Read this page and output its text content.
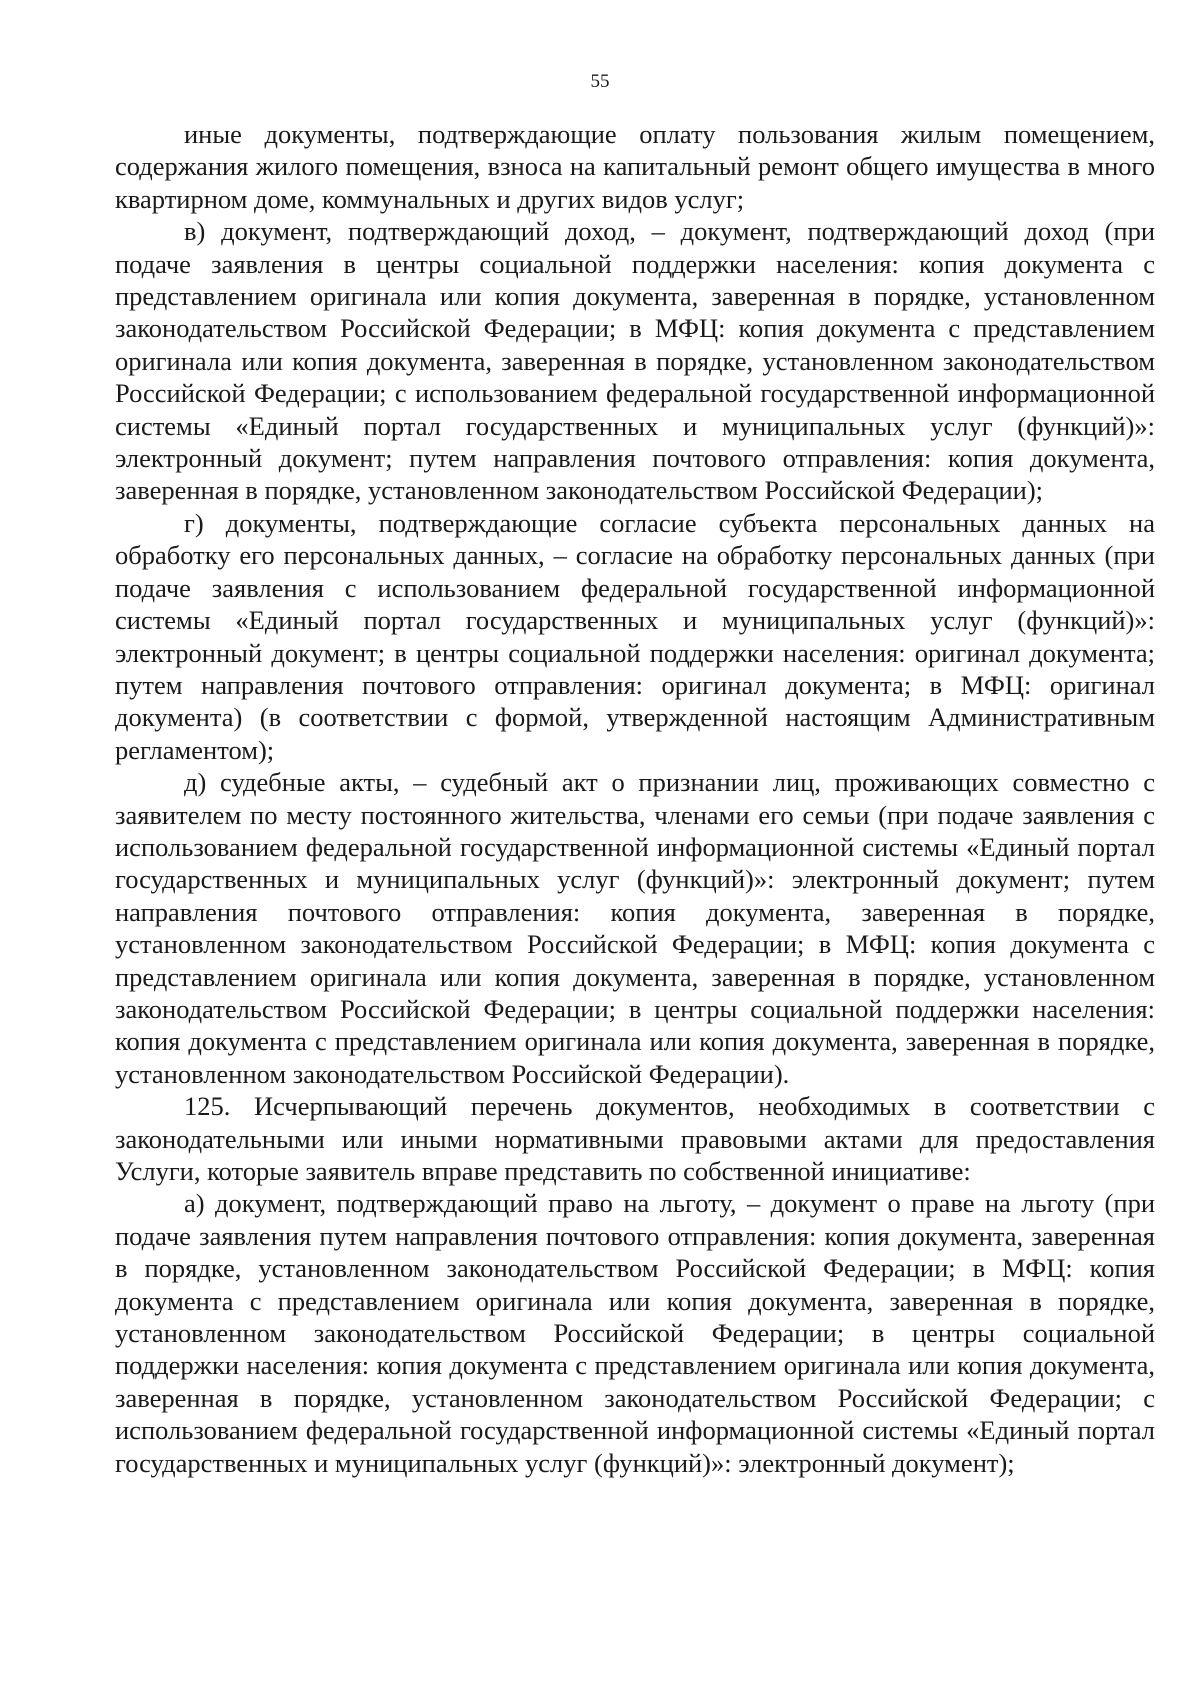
55

иные документы, подтверждающие оплату пользования жилым помещением, содержания жилого помещения, взноса на капитальный ремонт общего имущества в много квартирном доме, коммунальных и других видов услуг;

в) документ, подтверждающий доход, – документ, подтверждающий доход (при подаче заявления в центры социальной поддержки населения: копия документа с представлением оригинала или копия документа, заверенная в порядке, установленном законодательством Российской Федерации; в МФЦ: копия документа с представлением оригинала или копия документа, заверенная в порядке, установленном законодательством Российской Федерации; с использованием федеральной государственной информационной системы «Единый портал государственных и муниципальных услуг (функций)»: электронный документ; путем направления почтового отправления: копия документа, заверенная в порядке, установленном законодательством Российской Федерации);

г) документы, подтверждающие согласие субъекта персональных данных на обработку его персональных данных, – согласие на обработку персональных данных (при подаче заявления с использованием федеральной государственной информационной системы «Единый портал государственных и муниципальных услуг (функций)»: электронный документ; в центры социальной поддержки населения: оригинал документа; путем направления почтового отправления: оригинал документа; в МФЦ: оригинал документа) (в соответствии с формой, утвержденной настоящим Административным регламентом);

д) судебные акты, – судебный акт о признании лиц, проживающих совместно с заявителем по месту постоянного жительства, членами его семьи (при подаче заявления с использованием федеральной государственной информационной системы «Единый портал государственных и муниципальных услуг (функций)»: электронный документ; путем направления почтового отправления: копия документа, заверенная в порядке, установленном законодательством Российской Федерации; в МФЦ: копия документа с представлением оригинала или копия документа, заверенная в порядке, установленном законодательством Российской Федерации; в центры социальной поддержки населения: копия документа с представлением оригинала или копия документа, заверенная в порядке, установленном законодательством Российской Федерации).

125. Исчерпывающий перечень документов, необходимых в соответствии с законодательными или иными нормативными правовыми актами для предоставления Услуги, которые заявитель вправе представить по собственной инициативе:

а) документ, подтверждающий право на льготу, – документ о праве на льготу (при подаче заявления путем направления почтового отправления: копия документа, заверенная в порядке, установленном законодательством Российской Федерации; в МФЦ: копия документа с представлением оригинала или копия документа, заверенная в порядке, установленном законодательством Российской Федерации; в центры социальной поддержки населения: копия документа с представлением оригинала или копия документа, заверенная в порядке, установленном законодательством Российской Федерации; с использованием федеральной государственной информационной системы «Единый портал государственных и муниципальных услуг (функций)»: электронный документ);
